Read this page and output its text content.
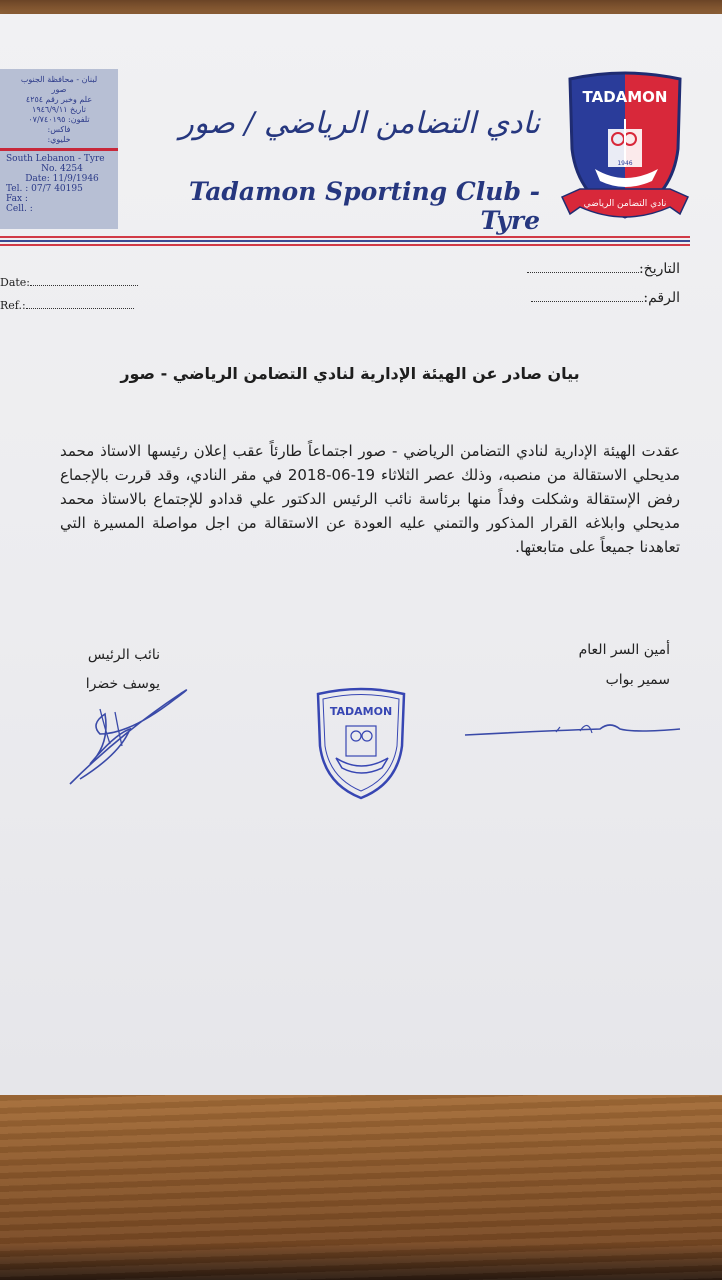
لبنان - محافظة الجنوب
صور
علم وخبر رقم ٤٢٥٤
تاريخ ١٩٤٦/٩/١١
تلفون: ٠٧/٧٤٠١٩٥
فاكس:
خليوي:
South Lebanon - Tyre
No. 4254
Date: 11/9/1946
Tel. : 07/7 40195
Fax :
Cell. :
نادي التضامن الرياضي / صور
Tadamon Sporting Club - Tyre
TADAMON
1946
نادي التضامن الرياضي
Date:
Ref.:
التاريخ:
الرقم:
بيان صادر عن الهيئة الإدارية لنادي التضامن الرياضي - صور
عقدت الهيئة الإدارية لنادي التضامن الرياضي - صور اجتماعاً طارئاً عقب إعلان رئيسها الاستاذ محمد مديحلي الاستقالة من منصبه، وذلك عصر الثلاثاء 19-06-2018 في مقر النادي، وقد قررت بالإجماع رفض الإستقالة وشكلت وفداً منها برئاسة نائب الرئيس الدكتور علي قدادو للإجتماع بالاستاذ محمد مديحلي وابلاغه القرار المذكور والتمني عليه العودة عن الاستقالة من اجل مواصلة المسيرة التي تعاهدنا جميعاً على متابعتها.
نائب الرئيس
يوسف خضرا
أمين السر العام
سمير بواب
TADAMON
